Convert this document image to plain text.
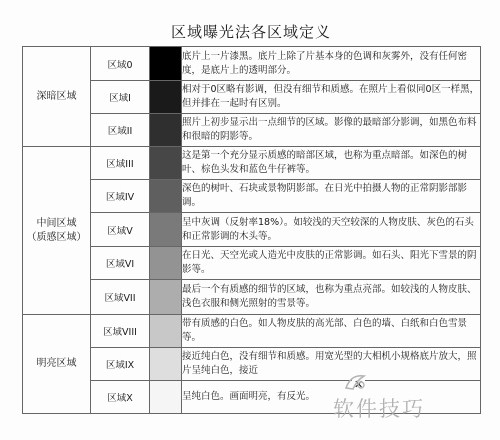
区域曝光法各区域定义
深暗区域	区域0		底片上一片漆黑。底片上除了片基本身的色调和灰雾外，没有任何密度，是底片上的透明部分。
	区域I		相对于0区略有影调，但没有细节和质感。在照片上看似同0区一样黑，但并排在一起时有区别。
	区域II		照片上初步显示出一点细节的区域。影像的最暗部分影调，如黑色布料和很暗的阴影等。

中间区域
（质感区域）	区域III		这是第一个充分显示质感的暗部区域，也称为重点暗部。如深色的树叶、棕色头发和蓝色牛仔裤等。
	区域IV		深色的树叶、石块或景物阴影部。在日光中拍摄人物的正常阴影部影调。
	区域V		呈中灰调（反射率18%）。如较浅的天空较深的人物皮肤、灰色的石头和正常影调的木头等。
	区域VI		在日光、天空光或人造光中皮肤的正常影调。如石头、阳光下雪景的阴影等。
	区域VII		最后一个有质感的细节的区域，也称为重点亮部。如较浅的人物皮肤、浅色衣服和侧光照射的雪景等。

明亮区域	区域VIII		带有质感的白色。如人物皮肤的高光部、白色的墙、白纸和白色雪景等。
	区域IX		接近纯白色，没有细节和质感。用宽光型的大相机小规格底片放大，照片呈纯白色，接近
	区域X		呈纯白色。画面明亮，有反光。
✕
软件技巧
